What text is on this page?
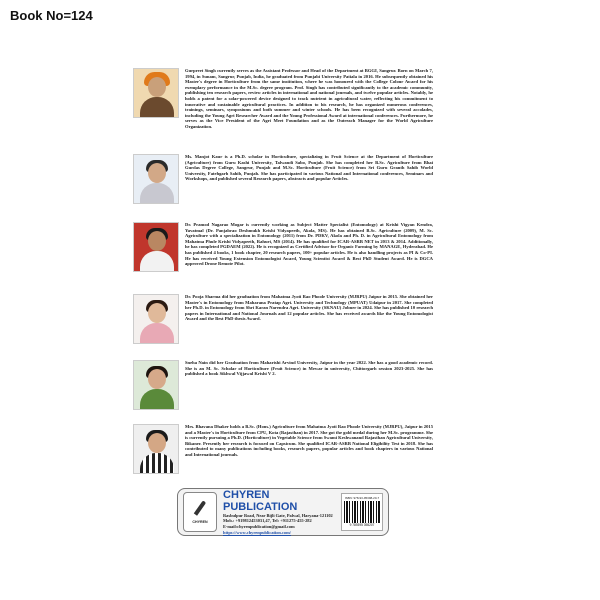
Book No=124
Gurpreet Singh currently serves as the Assistant Professor and Head of the Department at BGGI, Sangrur. Born on March 7, 1994, in Sunam, Sangrur, Punjab, India, he graduated from Punjabi University Patiala in 2016. He subsequently obtained his Master's degree in Horticulture from the same institution, where he was honoured with the College Colour Award for his exemplary performance in the M.Sc. degree program. Prof. Singh has contributed significantly to the academic community, publishing ten research papers, review articles in international and national journals, and twelve popular articles. Notably, he holds a patent for a solar-powered device designed to track nutrient in agricultural water, reflecting his commitment to innovative and sustainable agricultural practices. In addition to his research, he has organized numerous conferences, trainings, seminars, symposiums and both summer and winter schools. He has been recognized with several accolades, including the Young Agri Researcher Award and the Young Professional Award at international conferences. Furthermore, he serves as the Vice President of the Agri Meet Foundation and as the Outreach Manager for the World Agriculture Organization.
Ms. Manjot Kaur is a Ph.D. scholar in Horticulture, specializing in Fruit Science at the Department of Horticulture (Agriculture) from Guru Kashi University, Talwandi Sabo, Punjab. She has completed her B.Sc. Agriculture from Bhai Gurdas Degree College, Sangrur, Punjab and M.Sc. Horticulture (Fruit Science) from Sri Guru Granth Sahib World University, Fatehgarh Sahib, Punjab. She has participated in various National and International conferences, Seminars and Workshops, and published several Research papers, abstracts and popular Articles.
Dr. Pramod Nagarao Mogar is currently working as Subject Matter Specialist (Entomology) at Krishi Vigyan Kendra, Yavatmal (Dr. Panjabrao Deshmukh Krishi Vidyapeeth, Akola, MS). He has obtained B.Sc. Agriculture (2009), M. Sc. Agriculture with a specialization in Entomology (2011) from Dr. PDKV, Akola and Ph. D. in Agricultural Entomology from Mahatma Phule Krishi Vidyapeeth, Rahuri, MS (2014). He has qualified for ICAR-ASRB NET in 2013 & 2014. Additionally, he has completed PGDAEM (2022). He is recognized as Certified Advisor for Organic Farming by MANAGE, Hyderabad. He has published 4 books, 1 book chapter, 20 research papers, 100+ popular articles. He is also handling projects as PI & Co-PI. He has received Young Extension Entomologist Award, Young Scientist Award & Best PhD Student Award. He is DGCA approved Drone Remote Pilot.
Dr. Pooja Sharma did her graduation from Mahatma Jyoti Rao Phoole University (MJRPU) Jaipur in 2015. She obtained her Master's in Entomology from Maharana Pratap Agri. University and Technology (MPUAT) Udaipur in 2017. She completed her Ph.D. in Entomology from Shri Karan Narendra Agri. University (SKNAU) Jobner in 2024. She has published 10 research papers in International and National Journals and 12 popular articles. She has received awards like the Young Entomologist Award and the Best PhD thesis Award.
Sneha Nain did her Graduation from Maharishi Arvind University, Jaipur in the year 2022. She has a good academic record. She is an M. Sc. Scholar of Horticulture (Fruit Science) in Mewar in university, Chittorgarh session 2023-2025. She has published a book Sikhwal Vijjawal Krishi V 2.
Mrs. Bhavana Dhaker holds a B.Sc. (Hons.) Agriculture from Mahatma Jyoti Rao Phoole University (MJRPU), Jaipur in 2015 and a Master's in Horticulture from CPU, Kota (Rajasthan) in 2017. She got the gold medal during her M.Sc. programme. She is currently pursuing a Ph.D. (Horticulture) in Vegetable Science from Swami Keshwanand Rajasthan Agricultural University, Bikaner. Presently her research is focused on Capsicum. She qualified ICAR-ASRB National Eligibility Test in 2018. She has contributed to many publications including books, research papers, popular articles and book chapters in various National and International journals.
CHYREN
CHYREN PUBLICATION
Rasbulpur Road, Near Bijli Gate, Palwal, Haryana-121102
Mob.: +919812453031,47, Tel: +911275-455-282
E-mail:chyrenpublication@gmail.com
https://www.chyrenpublication.com/
ISBN: 978-93-95398-20-7
9 789395 398207
